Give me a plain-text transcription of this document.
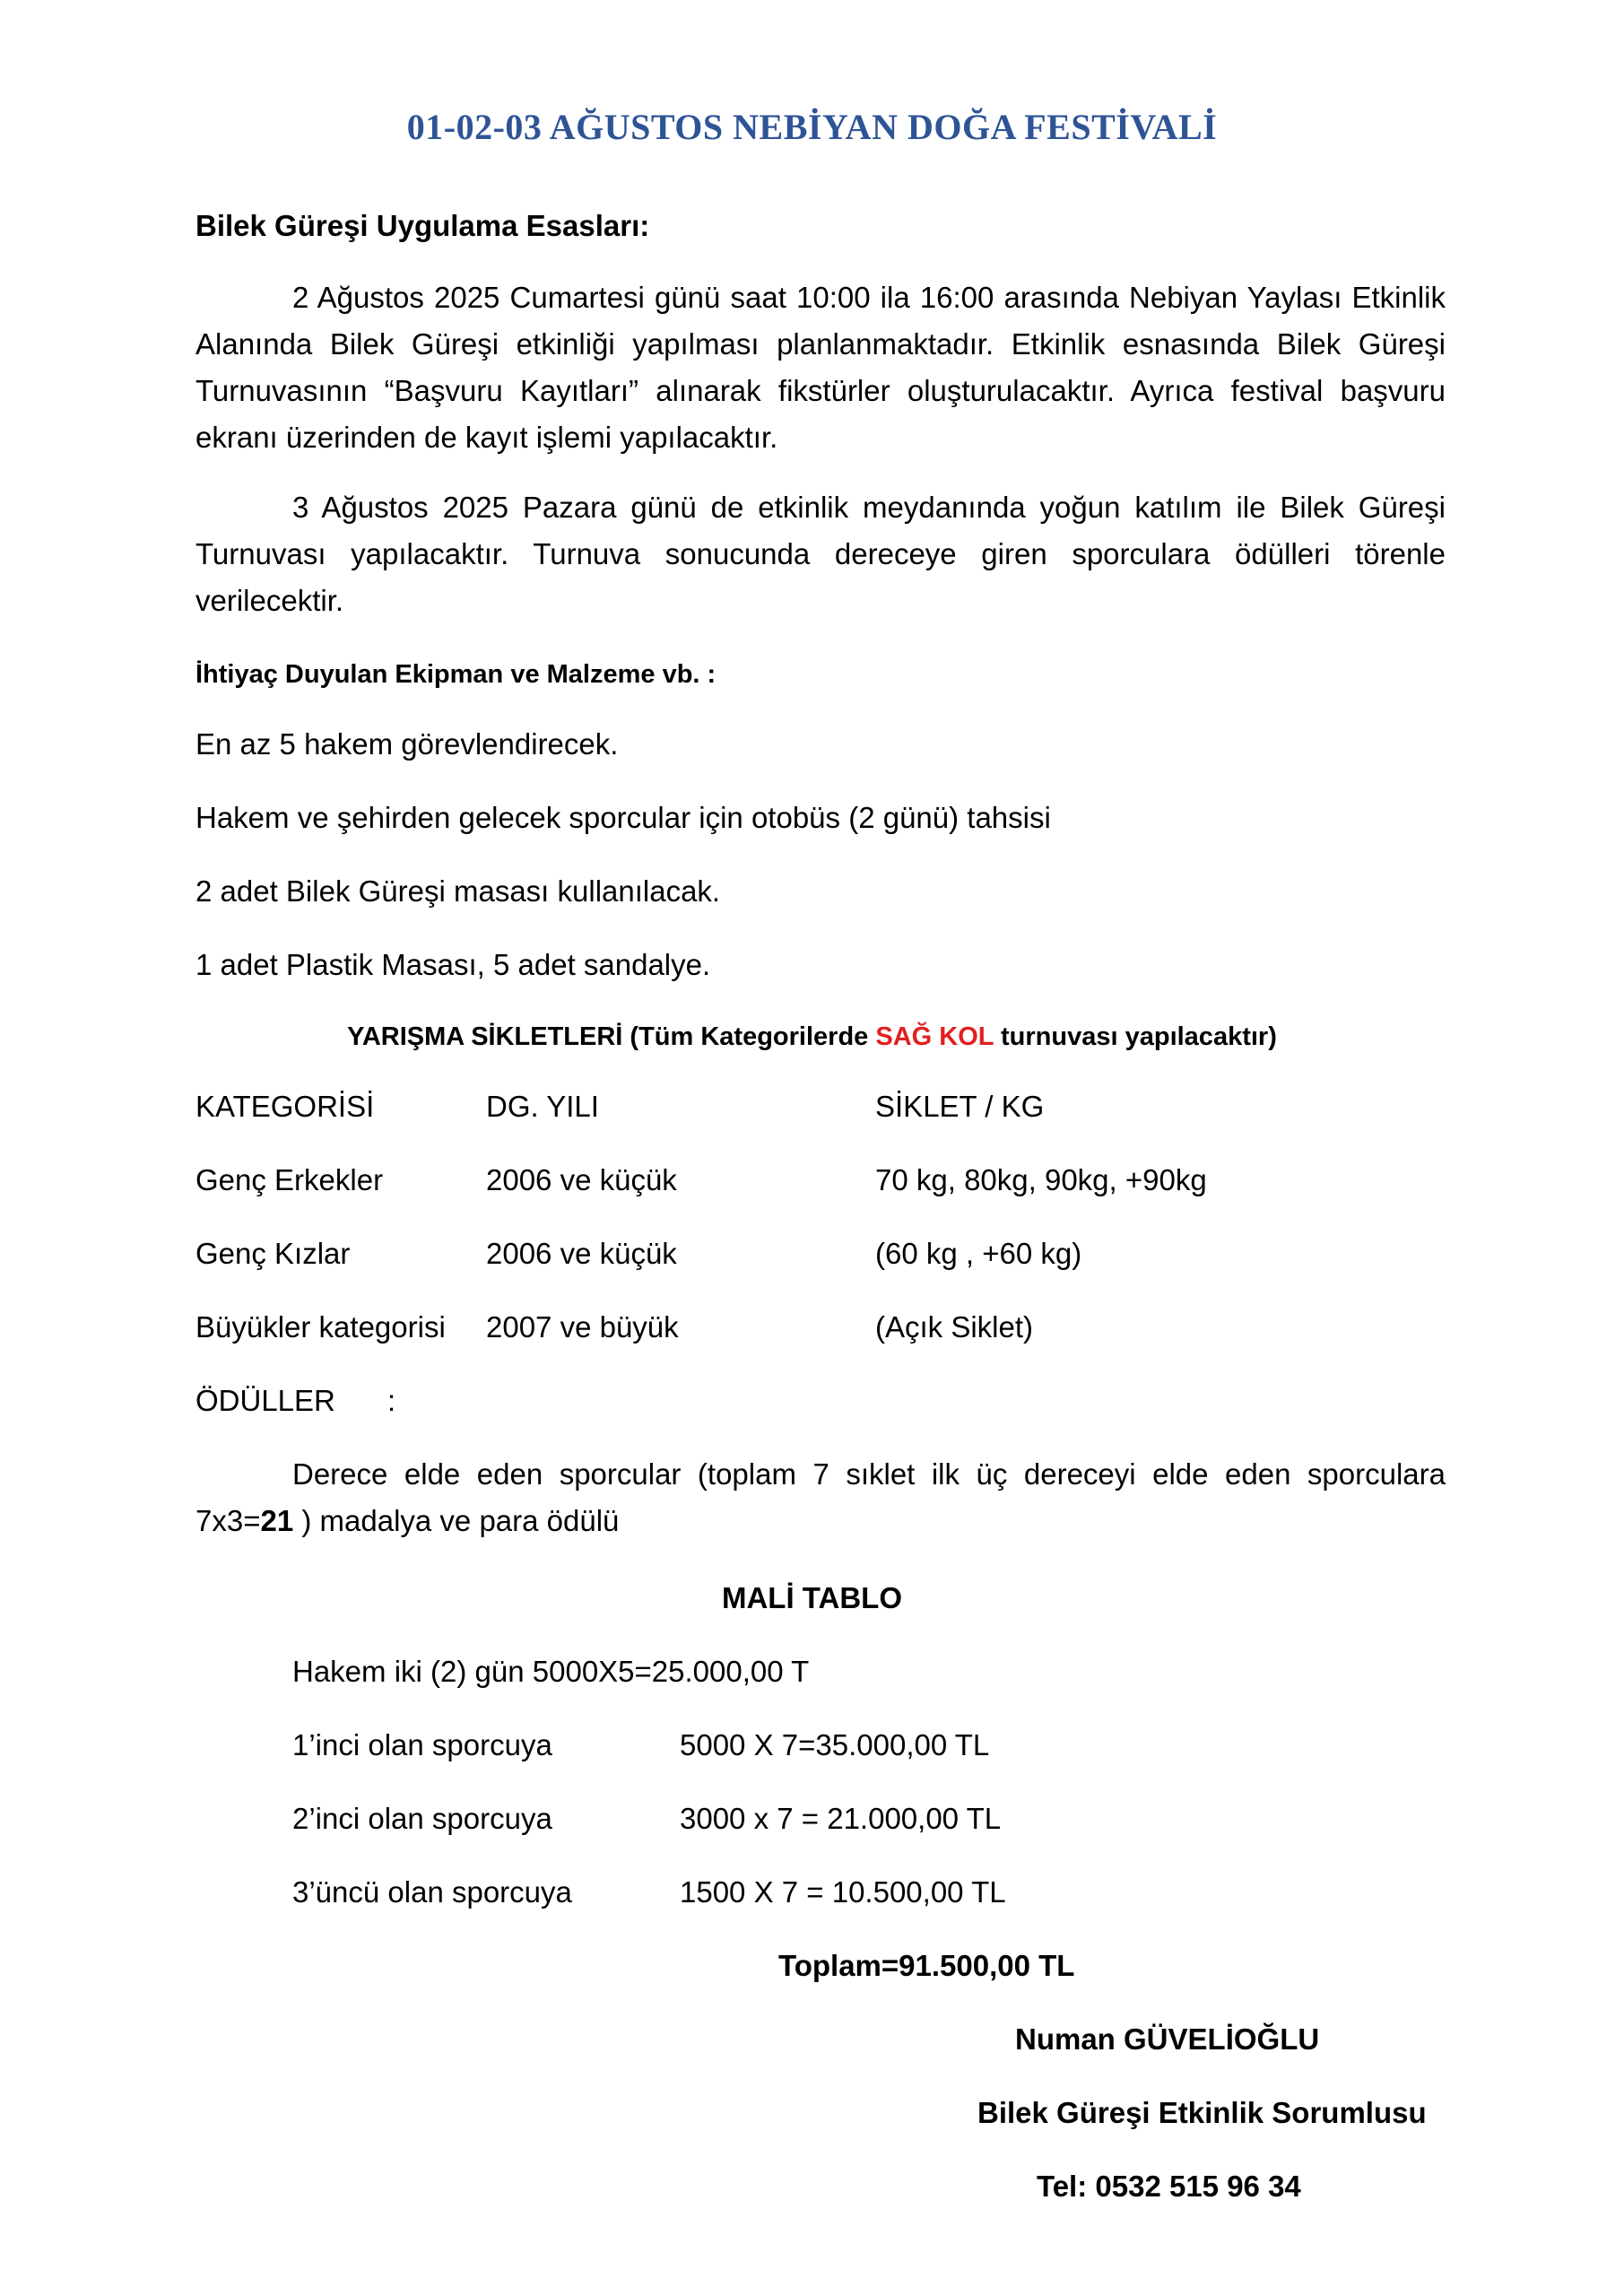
01-02-03 AĞUSTOS NEBİYAN DOĞA FESTİVALİ
Bilek Güreşi Uygulama Esasları:
2 Ağustos 2025 Cumartesi günü saat 10:00 ila 16:00 arasında Nebiyan Yaylası Etkinlik Alanında Bilek Güreşi etkinliği yapılması planlanmaktadır. Etkinlik esnasında Bilek Güreşi Turnuvasının “Başvuru Kayıtları” alınarak fikstürler oluşturulacaktır. Ayrıca festival başvuru ekranı üzerinden de kayıt işlemi yapılacaktır.
3 Ağustos 2025 Pazara günü de etkinlik meydanında yoğun katılım ile Bilek Güreşi Turnuvası yapılacaktır. Turnuva sonucunda dereceye giren sporculara ödülleri törenle verilecektir.
İhtiyaç Duyulan Ekipman ve Malzeme vb. :
En az 5 hakem görevlendirecek.
Hakem ve şehirden gelecek sporcular için otobüs (2 günü) tahsisi
2 adet Bilek Güreşi masası kullanılacak.
1 adet Plastik Masası, 5 adet sandalye.
YARIŞMA SİKLETLERİ (Tüm Kategorilerde SAĞ KOL turnuvası yapılacaktır)
KATEGORİSİ	DG. YILI	SİKLET / KG
Genç Erkekler	2006 ve küçük	70 kg, 80kg, 90kg, +90kg
Genç Kızlar	2006 ve küçük	(60 kg , +60 kg)
Büyükler kategorisi 2007 ve büyük	(Açık Siklet)
ÖDÜLLER :
Derece elde eden sporcular (toplam 7 sıklet ilk üç dereceyi elde eden sporculara 7x3=21 ) madalya ve para ödülü
MALİ TABLO
Hakem iki (2) gün 5000X5=25.000,00 T
1’inci olan sporcuya	5000 X 7=35.000,00 TL
2’inci olan sporcuya	3000 x 7 = 21.000,00 TL
3’üncü olan sporcuya	1500 X 7 = 10.500,00 TL
Toplam=91.500,00 TL
Numan GÜVELİOĞLU
Bilek Güreşi Etkinlik Sorumlusu
Tel: 0532 515 96 34
